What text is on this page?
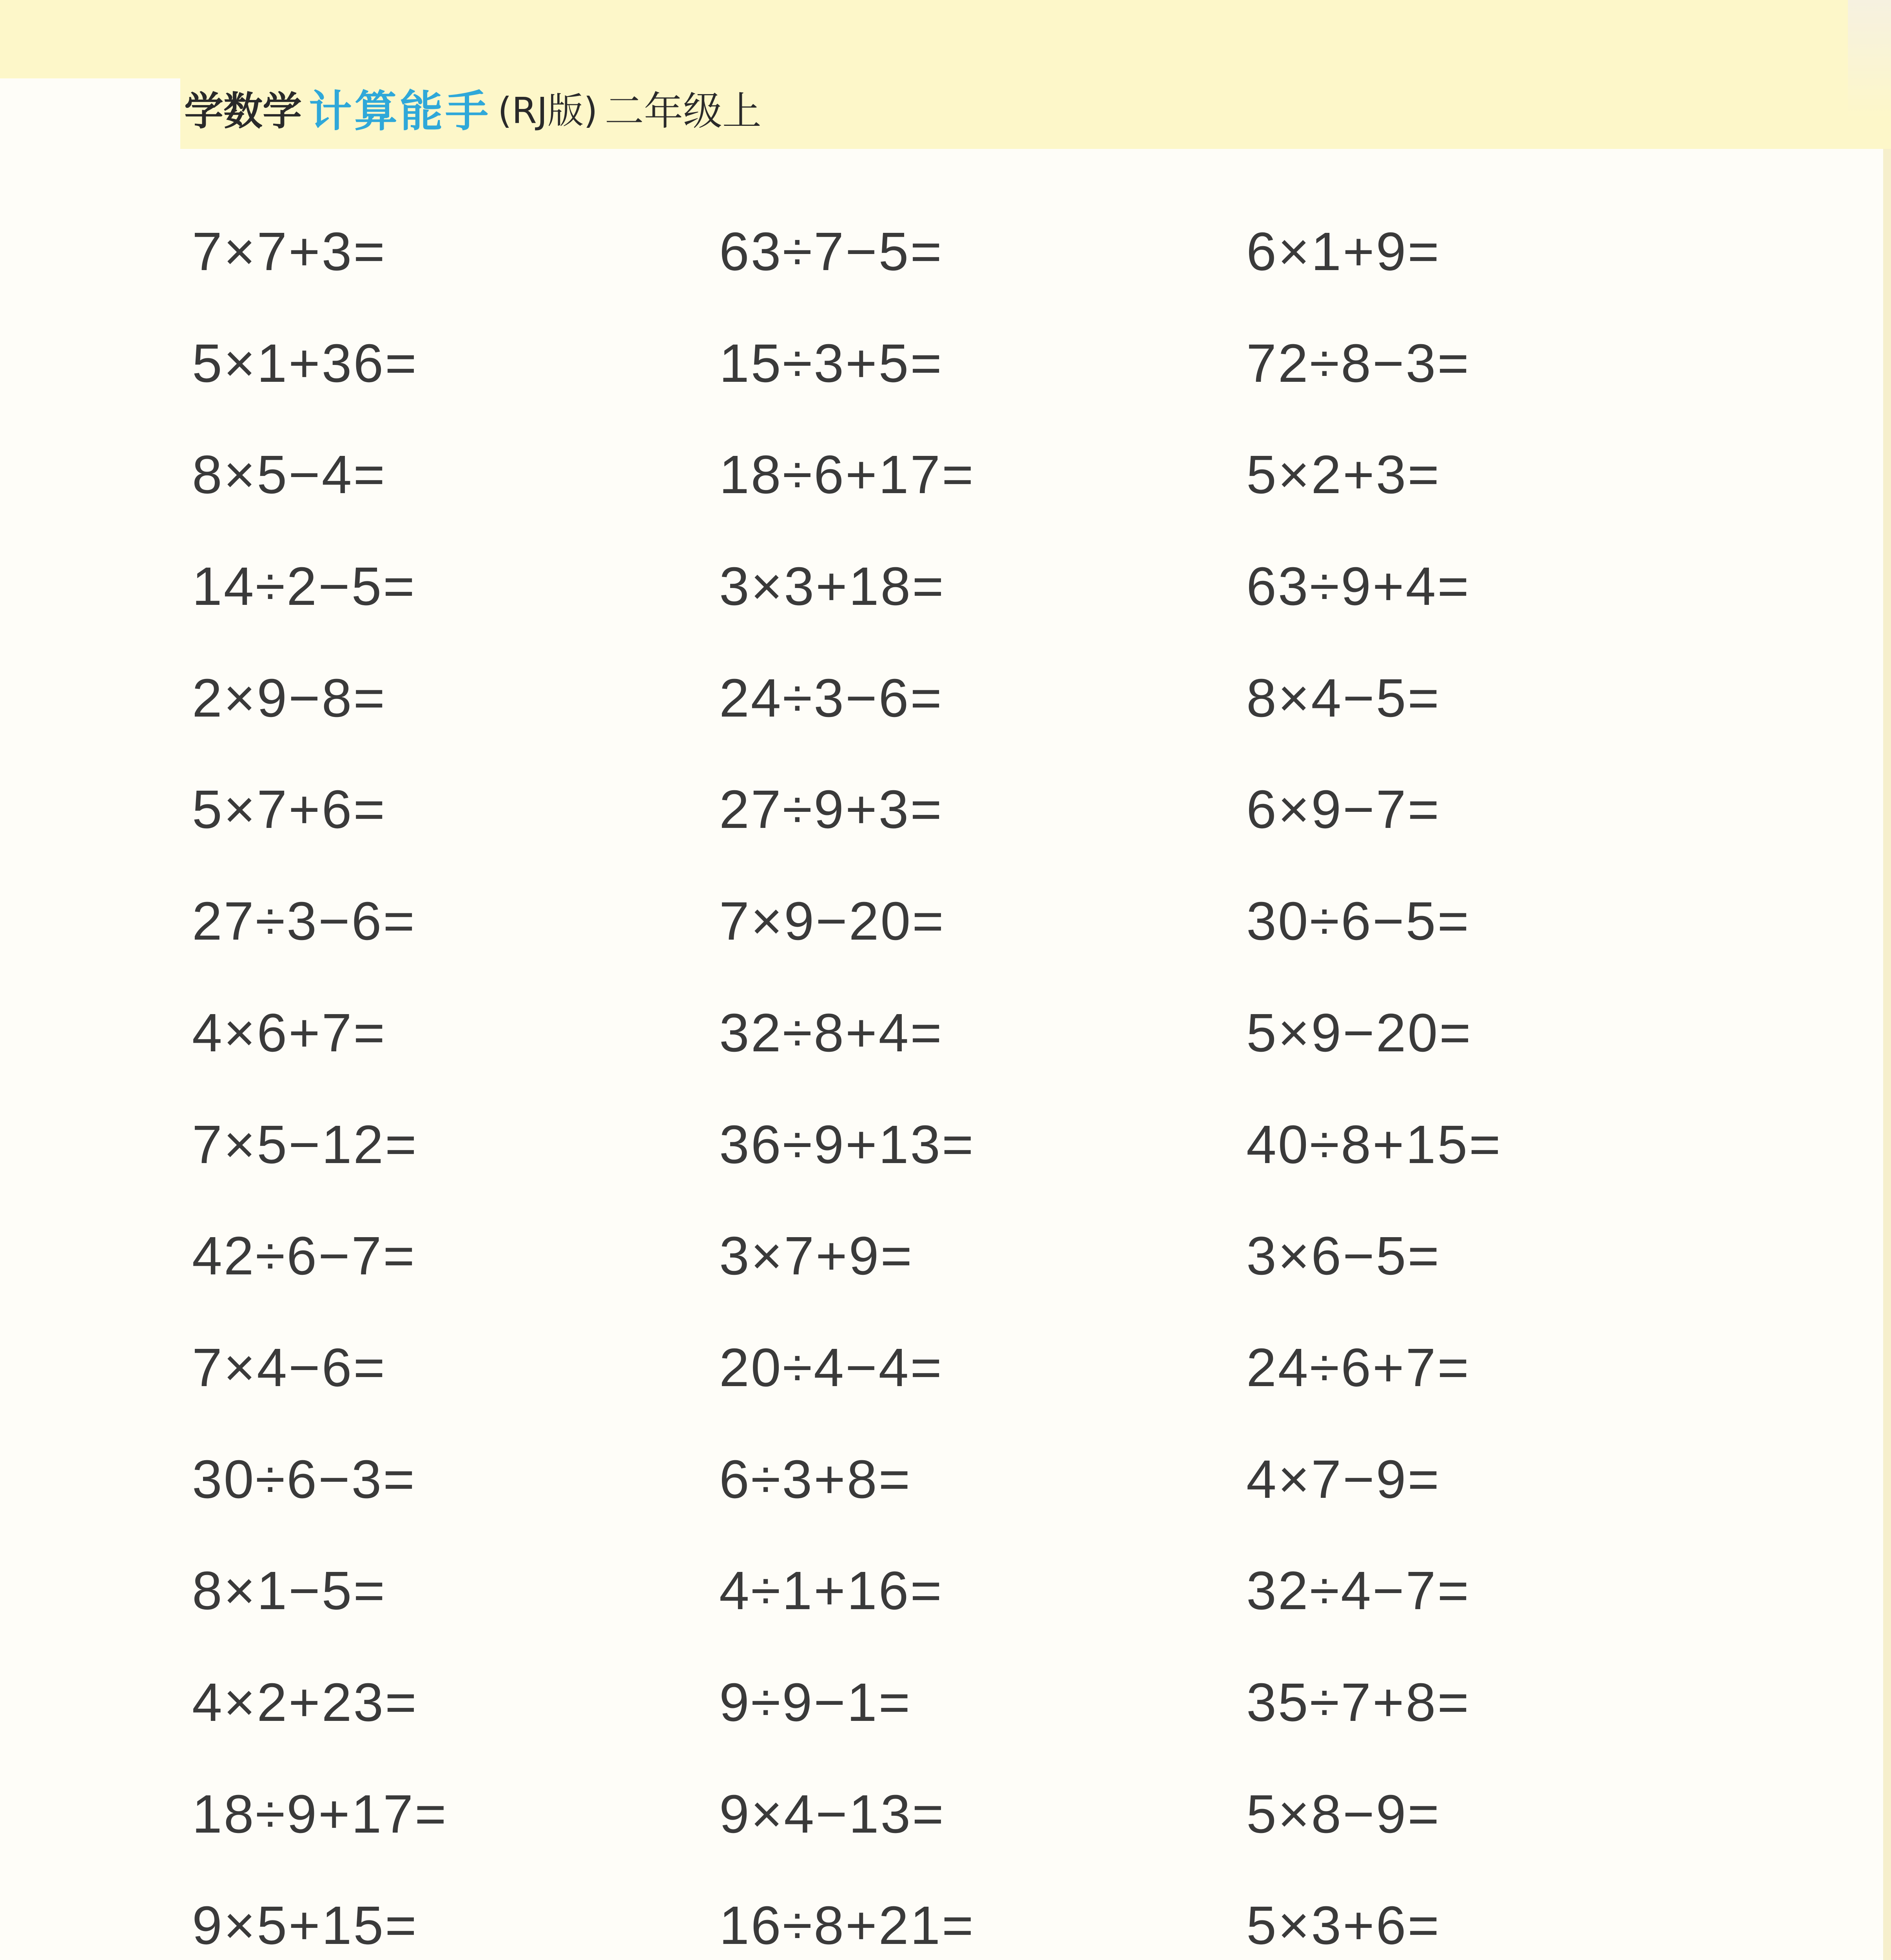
学数学 计算能手 (RJ版) 二年级上
7×7+3=	63÷7−5=	6×1+9=
5×1+36=	15÷3+5=	72÷8−3=
8×5−4=	18÷6+17=	5×2+3=
14÷2−5=	3×3+18=	63÷9+4=
2×9−8=	24÷3−6=	8×4−5=
5×7+6=	27÷9+3=	6×9−7=
27÷3−6=	7×9−20=	30÷6−5=
4×6+7=	32÷8+4=	5×9−20=
7×5−12=	36÷9+13=	40÷8+15=
42÷6−7=	3×7+9=	3×6−5=
7×4−6=	20÷4−4=	24÷6+7=
30÷6−3=	6÷3+8=	4×7−9=
8×1−5=	4÷1+16=	32÷4−7=
4×2+23=	9÷9−1=	35÷7+8=
18÷9+17=	9×4−13=	5×8−9=
9×5+15=	16÷8+21=	5×3+6=
